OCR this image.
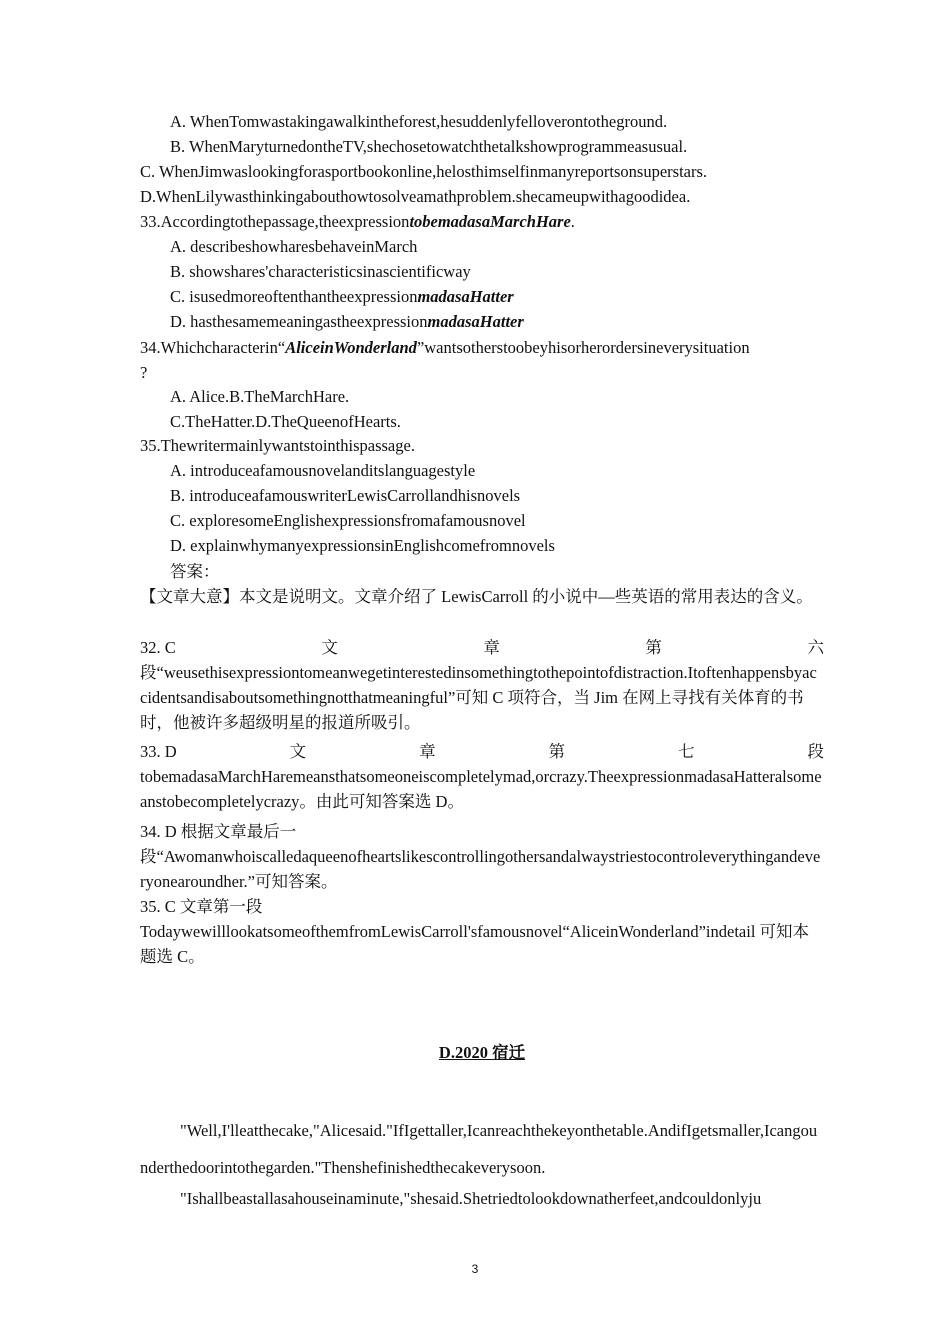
A. WhenTomwastakingawalkintheforest,hesuddenlyfelloverontotheground.
B. WhenMaryturnedontheTV,shechosetowatchthetalkshowprogrammeasusual.
C. WhenJimwaslookingforasportbookonline,helosthimselfinmanyreportsonsuperstars.
D.WhenLilywasthinkingabouthowtosolveamathproblem.shecameupwithagoodidea.
33.Accordingtothepassage,theexpressiontobemadasaMarchHare.
A. describeshowharesbehaveinMarch
B. showshares'characteristicsinascientificway
C. isusedmoreoftenthantheexpressionmadasaHatter
D. hasthesamemeaningastheexpressionmadasaHatter
34.Whichcharacterin“AliceinWonderland”wantsotherstoobeyhisorherordersineverysituation
?
A. Alice.B.TheMarchHare.
C.TheHatter.D.TheQueenofHearts.
35.Thewritermainlywantstointhispassage.
A. introduceafamousnovelanditslanguagestyle
B. introduceafamouswriterLewisCarrollandhisnovels
C. exploresomeEnglishexpressionsfromafamousnovel
D. explainwhymanyexpressionsinEnglishcomefromnovels
答案：
【文章大意】本文是说明文。文章介绍了 LewisCarroll 的小说中—些英语的常用表达的含义。
32. C	文	章	第	六
段“weusethisexpressiontomeanwegetinterestedinsomethingtothepointofdistraction.Itoftenhappensbyaccidentsandisaboutsomethingnotthatmeaningful”可知 C 项符合，当 Jim 在网上寻找有关体育的书时，他被许多超级明星的报道所吸引。
33. D	文	章	第	七	段
tobemadasaMarchHaremeansthatsomeoneiscompletelymad,orcrazy.TheexpressionmadasaHatteralsomeanstobecompletelycrazy。由此可知答案选 D。
34. D 根据文章最后一
段“Awomanwhoiscalledaqueenofheartslikescontrollingothersandalwaystriestocontroleverythingandeveryonearoundher.”可知答案。
35. C 文章第一段
TodaywewilllookatsomeofthemfromLewisCarroll'sfamousnovel“AliceinWonderland”indetail 可知本题选 C。
D.2020 宿迁
"Well,I'lleatthecake,"Alicesaid."IfIgettaller,Icanreachthekeyonthetable.AndifIgetsmaller,Icangounderthedoorintothegarden."Thenshefinishedthecakeverysoon.
"Ishallbeastallasahouseinaminute,"shesaid.Shetriedtolookdownatherfeet,andcouldonlyju
3
